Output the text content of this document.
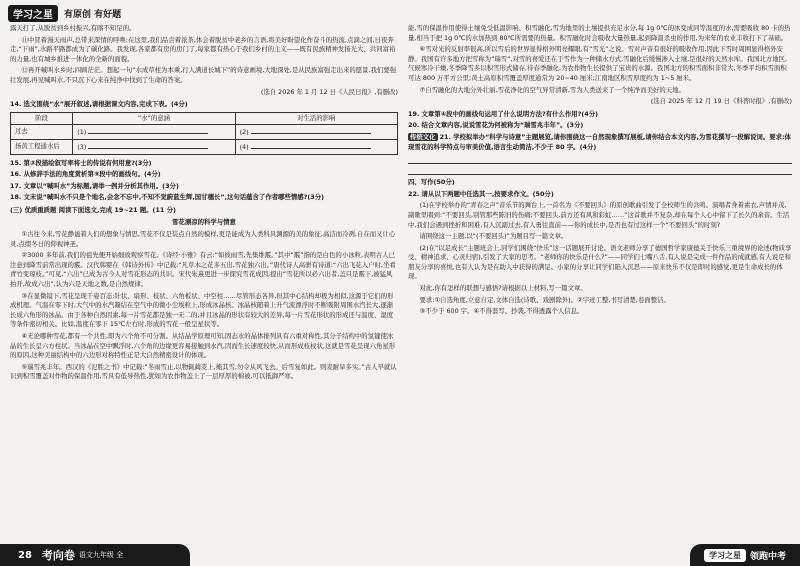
学习之星	有原创 有好题

露天打了,从脱贫到乡村振兴,有喀不知足的。

⑪中冒着漫天雨声,总带来深情的呼唤:在这里,我们品尝着浓茶,体会着脱贫中老乡的言语,将美好盼望化作奋斗的热流,点滴之间,日夜奔走,“下雨”,水路平路都成为了碳化路。我发现,各家都有房的房门了,每家都有热心于我们乡村的主义——既有民族精神发扬光大、共同富裕的力量,也有城乡推进一体化的全新的面貌。

⑫再开喊叫水乡时,四顾茫茫。想起一句“水成草柱为本乘,行人满道长城下”的诗意画境,大地深处,是从民族富强走出来的愿景,我们要强壮发展,再见喊叫水,不只沉下心来在纯净中找到了生命的答案。

(选自 2026 年 1 月 12 日《人民日报》,有删改)

14. 选文围绕“水”展开叙述,请根据课文内容,完成下表。(4分)

阶段	“水”的意涵	对生活的影响
过去	(1)	(2)
扬黄工程通水后	(3)	(4)

15. 第③段描绘叙写率将士的传说有何用意?(3分)

16. 从修辞手法的角度赏析第⑨段中的画线句。(4分)

17. 文章以“喊叫水”为标题,请举一例并分析其作用。(3分)

18. 文末说“喊叫水不只是个地名,会念不忘中,不知不觉蔚蓝生辉,国甘穗长”,这句话蕴含了作者哪些情感?(3分)

(三) 优质重质题 阅读下面选文,完成 19~21 题。(11 分)

雪花漂凉的科学与情意

①古往今来,雪花静谧着人们的想象与情思,雪花不仅是装点自然的模样,更是能成为人类科具渊源的美的象征,高洁而冷冽,自在而又让心灵,点缀冬日的仰视神圣。

②3000 多年前,我们的祖先便开始细致观察雪花。《诗经·小雅》有云:“如彼雨雪,先集维霰。”其中“霰”指的是白色的小冰粒,表明古人已注意到降雪前常出现的霰。汉代韩婴在《韩诗外传》中记载:“凡草木之花多五出,雪花独六出。”唐代诗人高骈有诗道:“六出飞花入户时,坐看青竹变琼枝。”可见,“六出”已成为古今人对雪花形态的共识。宋代朱熹更进一步探究雪花成因,提出“雪花所以必六出者,盖只是霰下,被猛风拍开,故成六出”,认为六是天地之数,是自然规律。

③在显微镜下,雪花呈现千姿百态:针状、扇形、枝状、六角板状、中空柱……尽管形态各异,但其中心结构却极为相似,这源于它们的形成机理。气温在零下时,大气中的水汽凝结在空气中的微小尘埃粒上,形成冰晶核。冰晶核随着上升气流漂浮时不断吸附周围水汽长大,逐渐长成六角形的冰晶。由于各种自然因素,每一片雪花都是独一无二的,并且冰晶的形状有较大的差异,每一片雪花形状的形成还与温度、湿度等条件密切相关。比如,温度在零下 15℃左右时,形成的雪花一般呈星状等。

④无论哪种雪花,都有一个共性,即为六个角不可分割。从结晶学原理可知,固态水的晶体排列具有六重对称性,其分子结构中的氢键使冰晶的生长呈六方柱状。当冰晶在空中飘浮时,六个角的边缘更容易接触到水汽,因而生长速度较快,从而形成枝杈状,这就是雪花呈现六角星形的原因,这种美丽结构中的六边形对称特性正是大自然精密设计的体现。

⑤瑞雪兆丰年。西汉的《氾胜之书》中记载:“冬雨雪止,以物辄蔺麦上,掩其雪,勿令从风飞去。后雪复如此。则麦耐旱多实。”古人早就认识到积雪覆盖对作物的保温作用,雪具有低导热性,犹如为农作物盖上了一层厚厚的棉被,可以抵御严寒。

能,雪的保温作用使得土壤免受低温影响、积雪融化,雪为地里的土壤提供充足水分,每 1g 0℃的冰变成同等温度的水,需要吸收 80 卡的热量,相当于把 1g 0℃的水加热到 80℃所需要的热量。积雪融化时会吸收大量热量,起到降温杀虫的作用,为来年的农业丰收打下了基础。

⑥雪对光的反射率很高,所以雪后的世界显得格外明亮耀眼,有“雪光”之说。雪对声音有很好的吸收作用,因此下雪时周围显得格外安静。我国有许多地方把雪称为“瑞雪”,对雪的喜爱还在于雪作为一种储水方式,雪融化后缓慢渗入土壤,是很好的天然水库。我国北方地区,气候寒冷干燥,冬季降雪多以积雪形式储存,待春季融化,为农作物生长提供了宝贵的水源。我国北方的积雪面积非常大,冬季平均积雪面积可达 800 万平方公里;黄土高原积雪覆盖厚度通常为 20~40 厘米;江南地区积雪厚度约为 1~5 厘米。

⑦自雪融化的大地分外壮丽,雪花净化的空气异常清新,雪为人类送来了一个纯净而美好的天地。

(选自 2025 年 12 月 19 日《科普时报》,有删改)

19. 文章第④段中的画线句运用了什么说明方法?有什么作用?(4分)

20. 结合文章内容,说说雪花为何被称为“瑞雪兆丰年”。(3分)

传统文化 21. 学校拟举办“科学与诗意”主题展览,请你围绕这一自然现象撰写展板,请你结合本文内容,为雪花撰写一段解说词。要求:体现雪花的科学特点与审美价值,语言生动简洁,不少于 80 字。(4分)

四、写作(50分)

22. 请从以下两题中任选其一,按要求作文。(50分)

(1)在学校举办的“青春之声”音乐节的舞台上,一首名为《不要回头》的原创歌曲引发了全校师生的共鸣。演唱者身着素衣,声情并茂,副歌里唱到:“不要回头,别管那些陈旧的伤痛;不要回头,前方还有风和彩虹……”这首歌并不复杂,却在每个人心中留下了长久的余音。生活中,我们会遇到挫折和困难,有人沉溺过去,有人勇往直前——你的成长中,是否也有过这样一个“不要回头”的时刻?

请围绕这一主题,以“(不要回头)”为题目写一篇文章。

(2)在“以足成长”主题班会上,同学们围绕“快乐”这一话题展开讨论。语文老师分享了德国哲学家康德关于快乐三重境界的论述(物质享受、精神追求、心灵归宿),引发了大家的思考。“老师你的快乐是什么?”——同学们七嘴八舌,有人说是完成一件作品的成就感,有人说是和朋友分享的喜悦,也有人认为是在助人中获得的满足。小家的分享让同学们陷入沉思——原来快乐不仅是即时的感觉,更是生命成长的体现。

对此,你有怎样的联想与感悟?请根据以上材料,写一篇文章。

要求:①自选角度,立意自定,文体自选(诗歌、戏剧除外)。②字迹工整,书写清楚,卷面整洁。

③不少于 600 字。④不得套写、抄袭,不得透露个人信息。

28 考向卷 语文九年级 全	学习之星	领跑中考
